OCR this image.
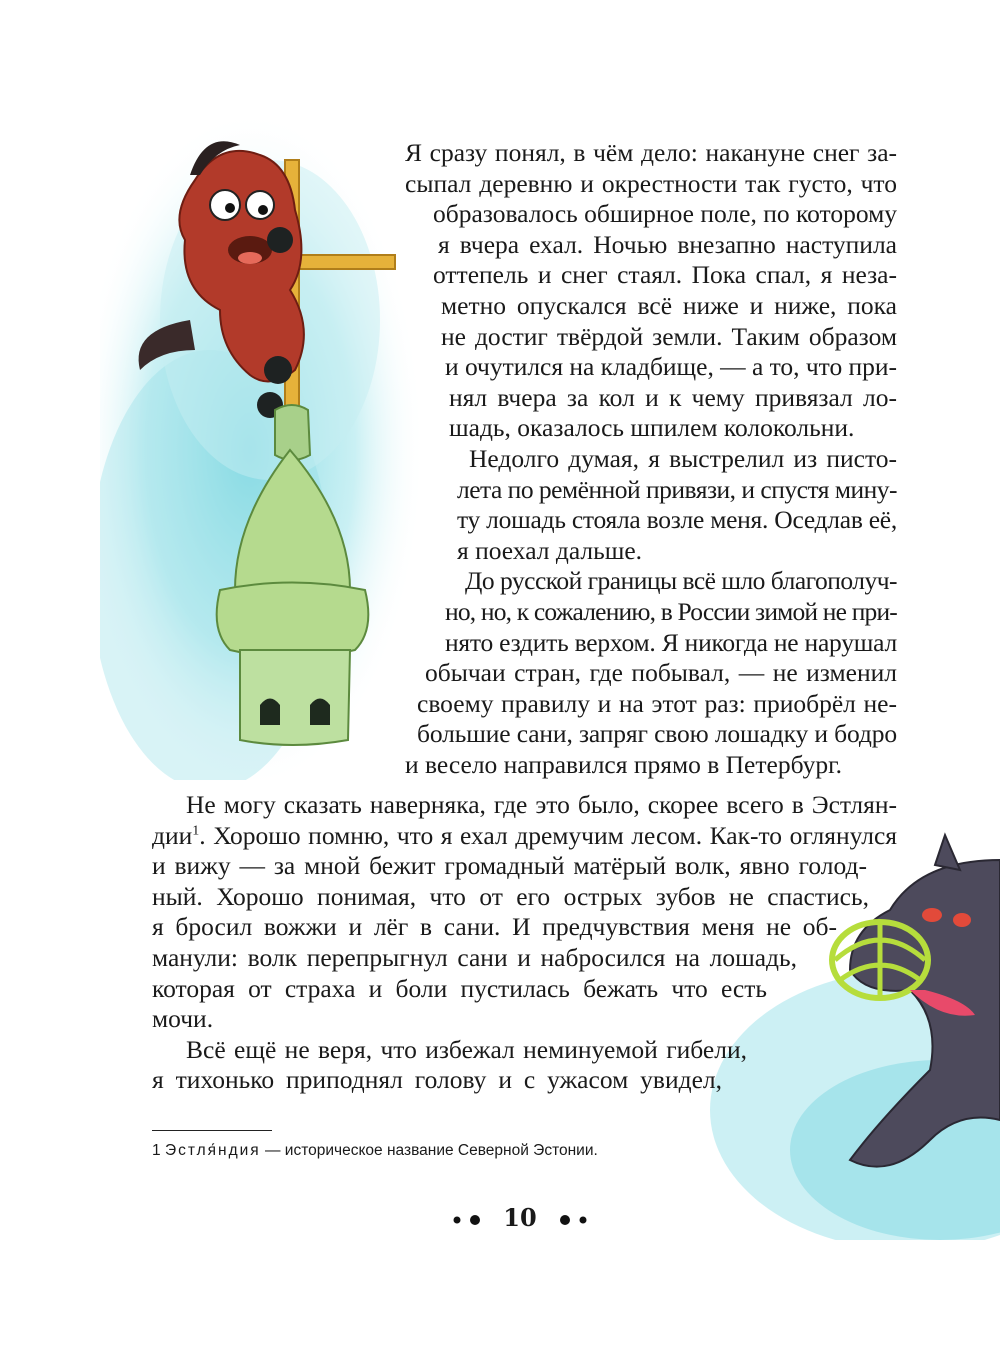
Я сразу понял, в чём дело: накануне снег за-
сыпал деревню и окрестности так густо, что
образовалось обширное поле, по которому
я вчера ехал. Ночью внезапно наступила
оттепель и снег стаял. Пока спал, я неза-
метно опускался всё ниже и ниже, пока
не достиг твёрдой земли. Таким образом
и очутился на кладбище, — а то, что при-
нял вчера за кол и к чему привязал ло-
шадь, оказалось шпилем колокольни.
Недолго думая, я выстрелил из писто-
лета по ремённой привязи, и спустя мину-
ту лошадь стояла возле меня. Оседлав её,
я поехал дальше.
До русской границы всё шло благополуч-
но, но, к сожалению, в России зимой не при-
нято ездить верхом. Я никогда не нарушал
обычаи стран, где побывал, — не изменил
своему правилу и на этот раз: приобрёл не-
большие сани, запряг свою лошадку и бодро
и весело направился прямо в Петербург.
Не могу сказать наверняка, где это было, скорее всего в Эстлян-
дии$^1$. Хорошо помню, что я ехал дремучим лесом. Как-то оглянулся
и вижу — за мной бежит громадный матёрый волк, явно голод-
ный. Хорошо понимая, что от его острых зубов не спастись,
я бросил вожжи и лёг в сани. И предчувствия меня не об-
манули: волк перепрыгнул сани и набросился на лошадь,
которая от страха и боли пустилась бежать что есть
мочи.
Всё ещё не веря, что избежал неминуемой гибели,
я тихонько приподнял голову и с ужасом увидел,
1 Эстля́ндия — историческое название Северной Эстонии.
10
